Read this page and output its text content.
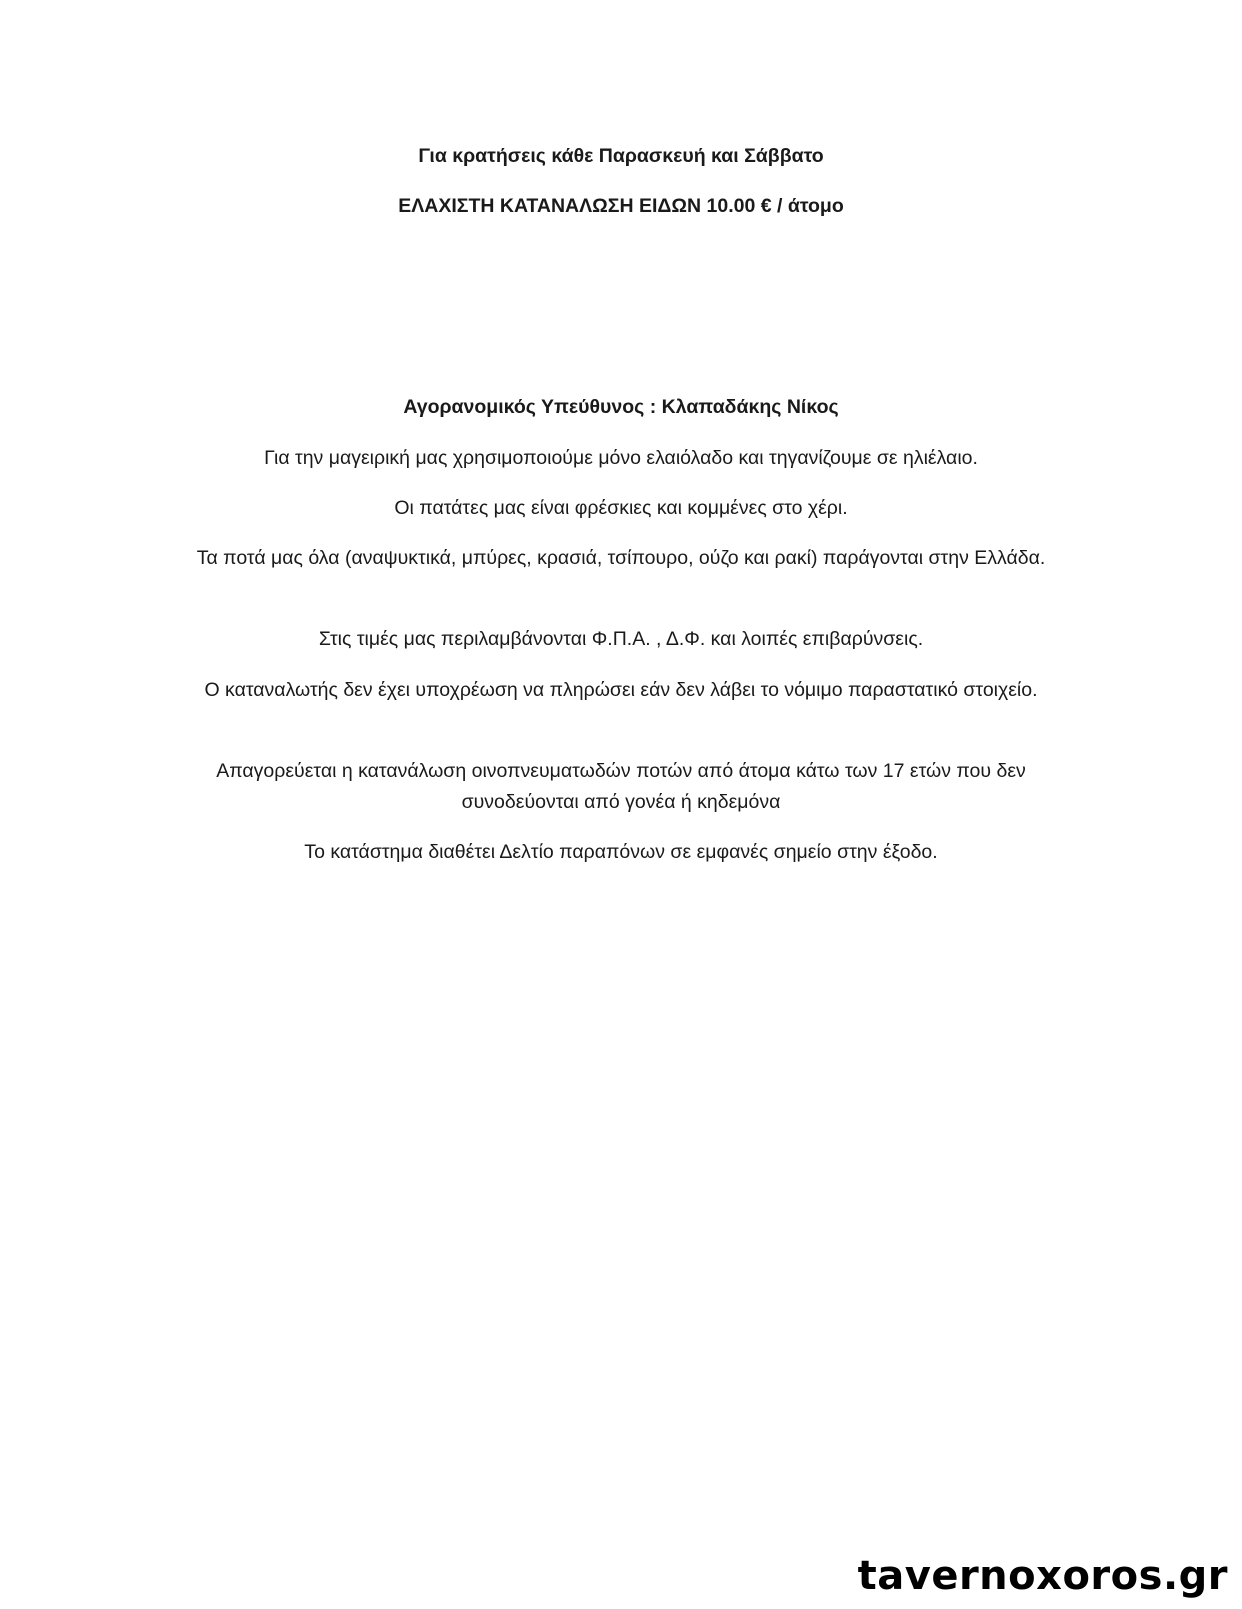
Για κρατήσεις κάθε Παρασκευή και Σάββατο

ΕΛΑΧΙΣΤΗ ΚΑΤΑΝΑΛΩΣΗ ΕΙΔΩΝ 10.00 € / άτομο

Αγορανομικός Υπεύθυνος : Κλαπαδάκης Νίκος

Για την μαγειρική μας χρησιμοποιούμε μόνο ελαιόλαδο και τηγανίζουμε σε ηλιέλαιο.

Οι πατάτες μας είναι φρέσκιες και κομμένες στο χέρι.

Τα ποτά μας όλα (αναψυκτικά, μπύρες, κρασιά, τσίπουρο, ούζο και ρακί) παράγονται στην Ελλάδα.

Στις τιμές μας περιλαμβάνονται Φ.Π.Α. , Δ.Φ. και λοιπές επιβαρύνσεις.

Ο καταναλωτής δεν έχει υποχρέωση να πληρώσει εάν δεν λάβει το νόμιμο παραστατικό στοιχείο.

Απαγορεύεται η κατανάλωση οινοπνευματωδών ποτών από άτομα κάτω των 17 ετών που δεν συνοδεύονται από γονέα ή κηδεμόνα

Το κατάστημα διαθέτει Δελτίο παραπόνων σε εμφανές σημείο στην έξοδο.

tavernoxoros.gr
